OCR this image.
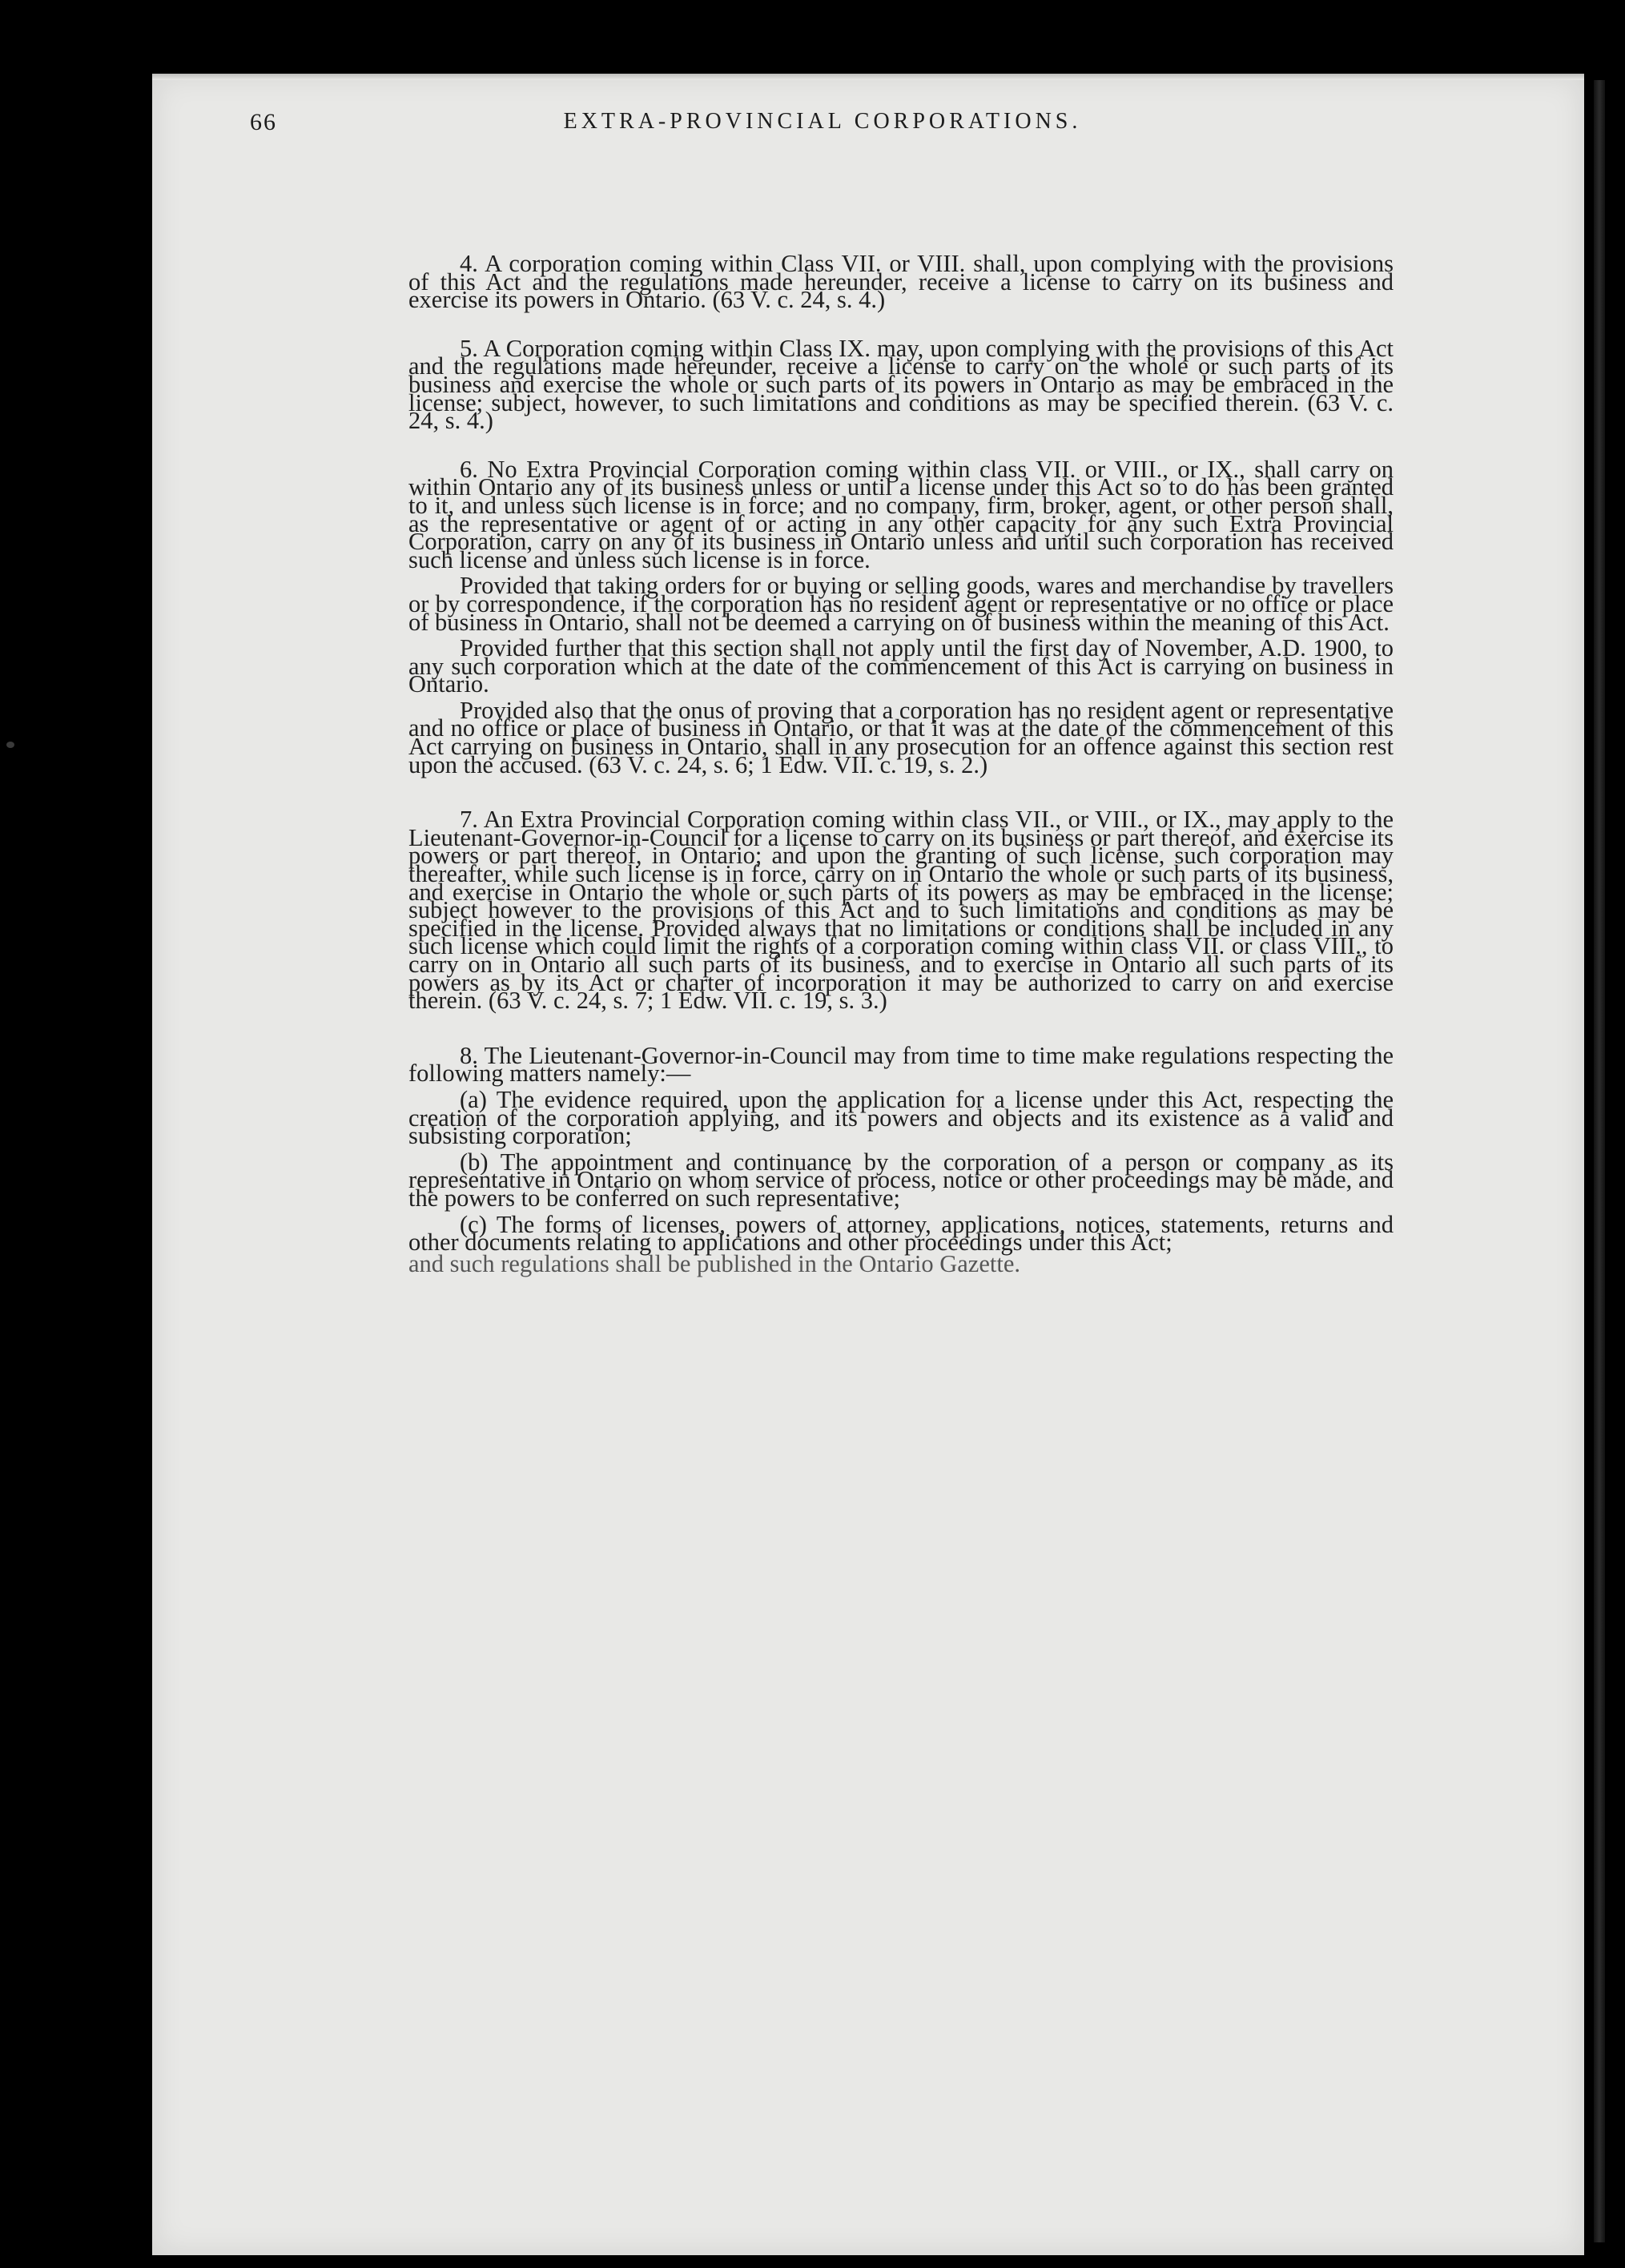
66	EXTRA-PROVINCIAL CORPORATIONS.

4. A corporation coming within Class VII. or VIII. shall, upon complying with the provisions of this Act and the regulations made hereunder, receive a license to carry on its business and exercise its powers in Ontario. (63 V. c. 24, s. 4.)

5. A Corporation coming within Class IX. may, upon complying with the provisions of this Act and the regulations made hereunder, receive a license to carry on the whole or such parts of its business and exercise the whole or such parts of its powers in Ontario as may be embraced in the license; subject, however, to such limitations and conditions as may be specified therein. (63 V. c. 24, s. 4.)

6. No Extra Provincial Corporation coming within class VII. or VIII., or IX., shall carry on within Ontario any of its business unless or until a license under this Act so to do has been granted to it, and unless such license is in force; and no company, firm, broker, agent, or other person shall, as the representative or agent of or acting in any other capacity for any such Extra Provincial Corporation, carry on any of its business in Ontario unless and until such corporation has received such license and unless such license is in force.

Provided that taking orders for or buying or selling goods, wares and merchandise by travellers or by correspondence, if the corporation has no resident agent or representative or no office or place of business in Ontario, shall not be deemed a carrying on of business within the meaning of this Act.

Provided further that this section shall not apply until the first day of November, A.D. 1900, to any such corporation which at the date of the commencement of this Act is carrying on business in Ontario.

Provided also that the onus of proving that a corporation has no resident agent or representative and no office or place of business in Ontario, or that it was at the date of the commencement of this Act carrying on business in Ontario, shall in any prosecution for an offence against this section rest upon the accused. (63 V. c. 24, s. 6; 1 Edw. VII. c. 19, s. 2.)

7. An Extra Provincial Corporation coming within class VII., or VIII., or IX., may apply to the Lieutenant-Governor-in-Council for a license to carry on its business or part thereof, and exercise its powers or part thereof, in Ontario; and upon the granting of such license, such corporation may thereafter, while such license is in force, carry on in Ontario the whole or such parts of its business, and exercise in Ontario the whole or such parts of its powers as may be embraced in the license; subject however to the provisions of this Act and to such limitations and conditions as may be specified in the license. Provided always that no limitations or conditions shall be included in any such license which could limit the rights of a corporation coming within class VII. or class VIII., to carry on in Ontario all such parts of its business, and to exercise in Ontario all such parts of its powers as by its Act or charter of incorporation it may be authorized to carry on and exercise therein. (63 V. c. 24, s. 7; 1 Edw. VII. c. 19, s. 3.)

8. The Lieutenant-Governor-in-Council may from time to time make regulations respecting the following matters namely:—

(a) The evidence required, upon the application for a license under this Act, respecting the creation of the corporation applying, and its powers and objects and its existence as a valid and subsisting corporation;

(b) The appointment and continuance by the corporation of a person or company as its representative in Ontario on whom service of process, notice or other proceedings may be made, and the powers to be conferred on such representative;

(c) The forms of licenses, powers of attorney, applications, notices, statements, returns and other documents relating to applications and other proceedings under this Act;

and such regulations shall be published in the Ontario Gazette.
